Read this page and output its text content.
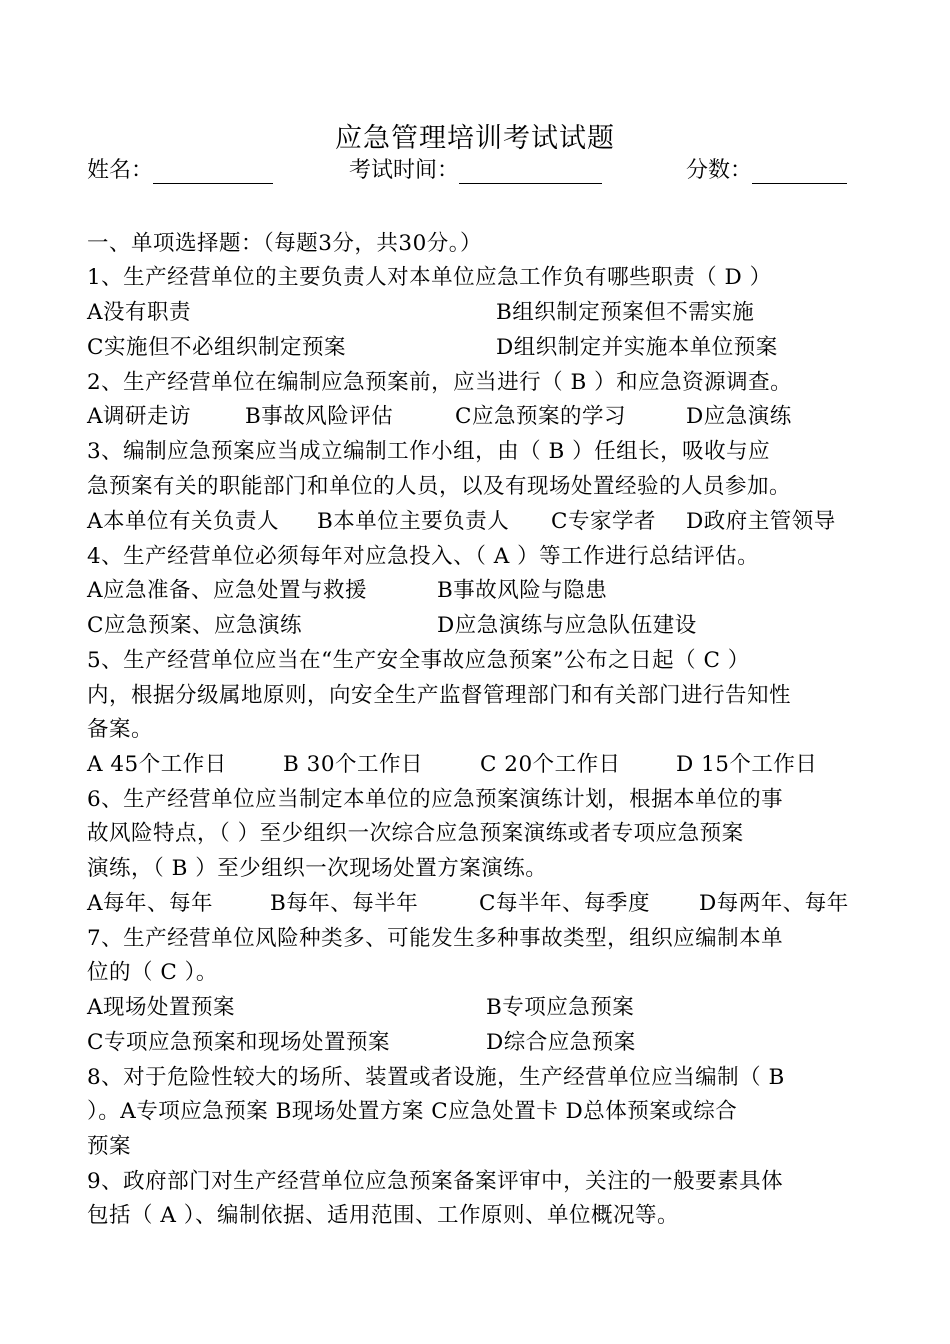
应急管理培训考试试题
姓名：	考试时间：	分数：
一、单项选择题：（每题3分，共30分。）
1、生产经营单位的主要负责人对本单位应急工作负有哪些职责（ D ）
A没有职责	B组织制定预案但不需实施
C实施但不必组织制定预案	D组织制定并实施本单位预案
2、生产经营单位在编制应急预案前，应当进行（ B ）和应急资源调查。
A调研走访	B事故风险评估	C应急预案的学习	D应急演练
3、编制应急预案应当成立编制工作小组，由（ B ）任组长，吸收与应
急预案有关的职能部门和单位的人员，以及有现场处置经验的人员参加。
A本单位有关负责人 B本单位主要负责人 C专家学者 D政府主管领导
4、生产经营单位必须每年对应急投入、（ A ）等工作进行总结评估。
A应急准备、应急处置与救援	B事故风险与隐患
C应急预案、应急演练	D应急演练与应急队伍建设
5、生产经营单位应当在“生产安全事故应急预案”公布之日起（ C ）
内，根据分级属地原则，向安全生产监督管理部门和有关部门进行告知性
备案。
A 45个工作日	B 30个工作日	C 20个工作日	D 15个工作日
6、生产经营单位应当制定本单位的应急预案演练计划，根据本单位的事
故风险特点，（ ）至少组织一次综合应急预案演练或者专项应急预案
演练，（ B ）至少组织一次现场处置方案演练。
A每年、每年	B每年、每半年	C每半年、每季度 D每两年、每年
7、生产经营单位风险种类多、可能发生多种事故类型，组织应编制本单
位的（ C ）。
A现场处置预案	B专项应急预案
C专项应急预案和现场处置预案	D综合应急预案
8、对于危险性较大的场所、装置或者设施，生产经营单位应当编制（ B
）。A专项应急预案 B现场处置方案 C应急处置卡 D总体预案或综合
预案
9、政府部门对生产经营单位应急预案备案评审中，关注的一般要素具体
包括（ A ）、编制依据、适用范围、工作原则、单位概况等。
